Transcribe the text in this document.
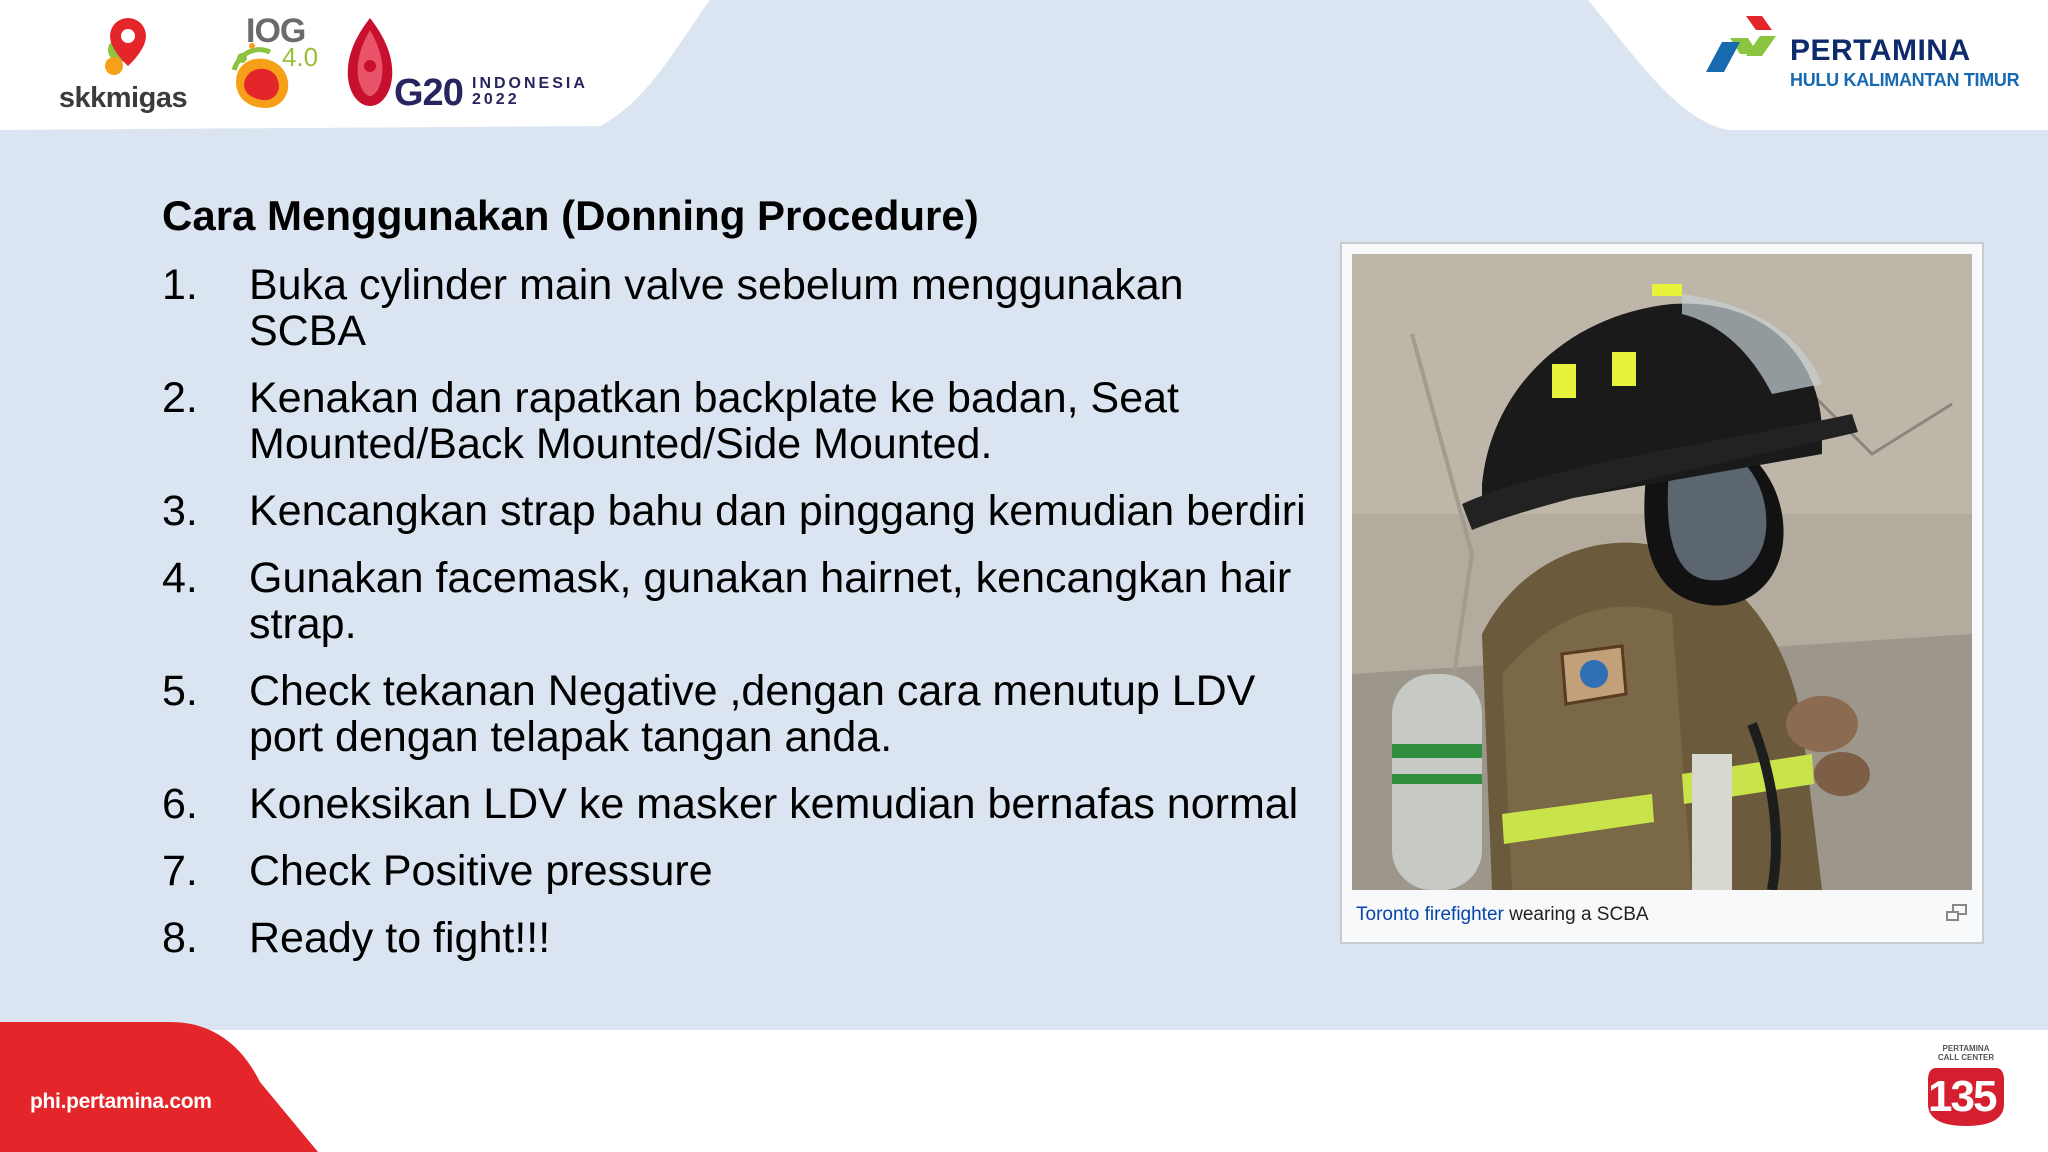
skkmigas
IOG
4.0
G20 INDONESIA
2022
PERTAMINA
HULU KALIMANTAN TIMUR
Cara Menggunakan (Donning Procedure)
1.	Buka cylinder main valve sebelum menggunakan SCBA
2.	Kenakan dan rapatkan backplate ke badan, Seat Mounted/Back Mounted/Side Mounted.
3.	Kencangkan strap bahu dan pinggang kemudian berdiri
4.	Gunakan facemask, gunakan hairnet, kencangkan hair strap.
5.	Check tekanan Negative ,dengan cara menutup LDV port dengan telapak tangan anda.
6.	Koneksikan LDV ke masker kemudian bernafas normal
7.	Check Positive pressure
8.	Ready to fight!!!	Toronto firefighter wearing a SCBA
phi.pertamina.com
PERTAMINA CALL CENTER
135
